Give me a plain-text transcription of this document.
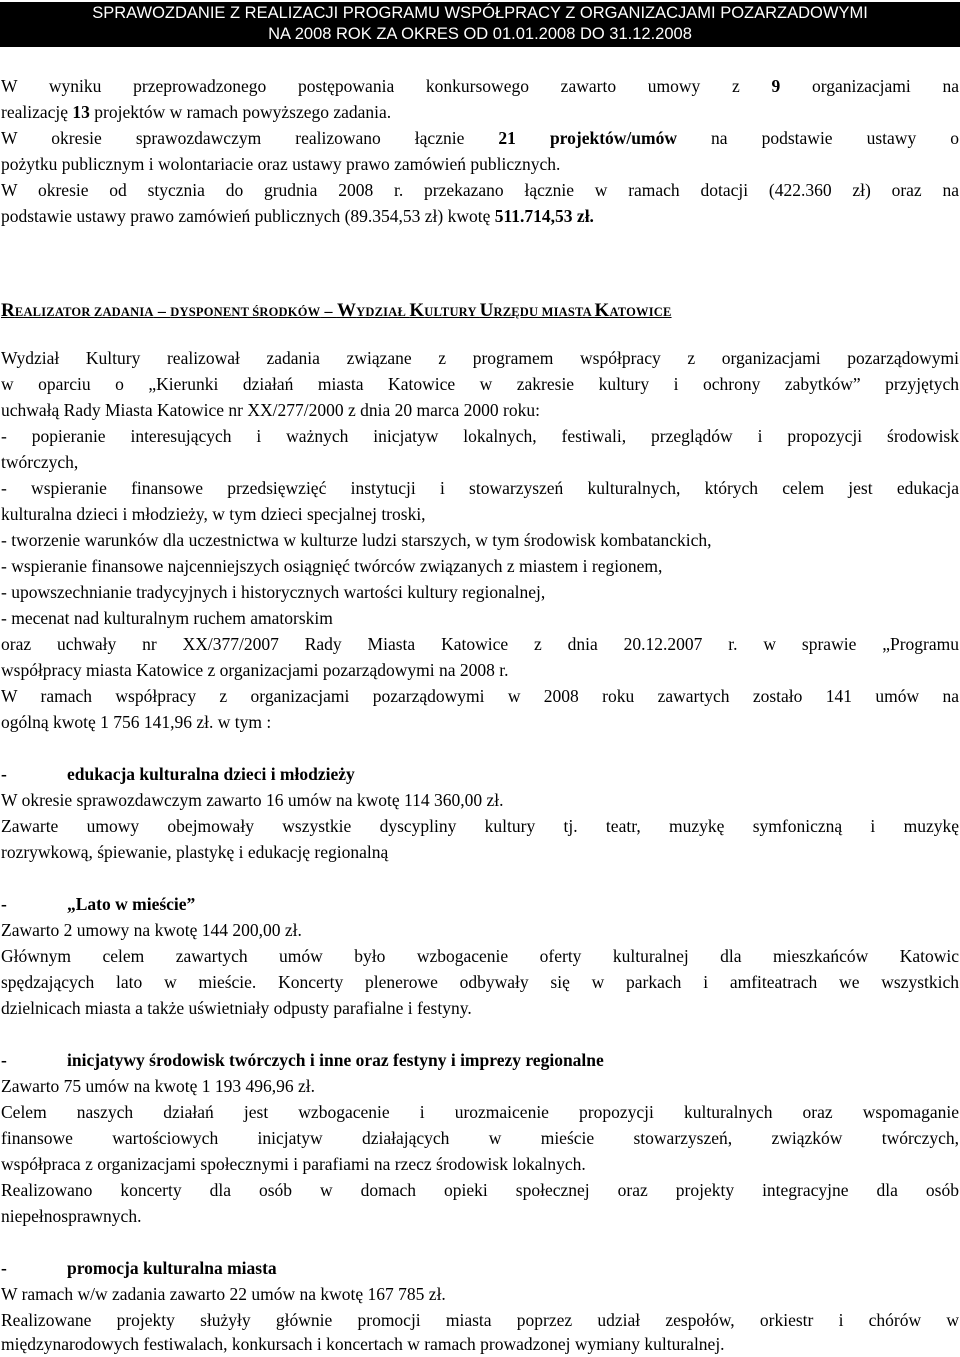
SPRAWOZDANIE Z REALIZACJI PROGRAMU WSPÓŁPRACY Z ORGANIZACJAMI POZARZADOWYMI
NA 2008 ROK ZA OKRES OD 01.01.2008 DO 31.12.2008
W wyniku przeprowadzonego postępowania konkursowego zawarto umowy z 9 organizacjami na
realizację 13 projektów w ramach powyższego zadania.
W okresie sprawozdawczym realizowano łącznie 21 projektów/umów na podstawie ustawy o
pożytku publicznym i wolontariacie oraz ustawy prawo zamówień publicznych.
W okresie od stycznia do grudnia 2008 r. przekazano łącznie w ramach dotacji (422.360 zł) oraz na
podstawie ustawy prawo zamówień publicznych (89.354,53 zł) kwotę 511.714,53 zł.
REALIZATOR ZADANIA – DYSPONENT ŚRODKÓW – WYDZIAŁ KULTURY URZĘDU MIASTA KATOWICE
Wydział Kultury realizował zadania związane z programem współpracy z organizacjami pozarządowymi
w oparciu o „Kierunki działań miasta Katowice w zakresie kultury i ochrony zabytków” przyjętych
uchwałą Rady Miasta Katowice nr XX/277/2000 z dnia 20 marca 2000 roku:
- popieranie interesujących i ważnych inicjatyw lokalnych, festiwali, przeglądów i propozycji środowisk
twórczych,
- wspieranie finansowe przedsięwzięć instytucji i stowarzyszeń kulturalnych, których celem jest edukacja
kulturalna dzieci i młodzieży, w tym dzieci specjalnej troski,
- tworzenie warunków dla uczestnictwa w kulturze ludzi starszych, w tym środowisk kombatanckich,
- wspieranie finansowe najcenniejszych osiągnięć twórców związanych z miastem i regionem,
- upowszechnianie tradycyjnych i historycznych wartości kultury regionalnej,
- mecenat nad kulturalnym ruchem amatorskim
oraz uchwały nr XX/377/2007 Rady Miasta Katowice z dnia 20.12.2007 r. w sprawie „Programu
współpracy miasta Katowice z organizacjami pozarządowymi na 2008 r.
W ramach współpracy z organizacjami pozarządowymi w 2008 roku zawartych zostało 141 umów na
ogólną kwotę 1 756 141,96 zł. w tym :
-	edukacja kulturalna dzieci i młodzieży
W okresie sprawozdawczym zawarto 16 umów na kwotę 114 360,00 zł.
Zawarte umowy obejmowały wszystkie dyscypliny kultury tj. teatr, muzykę symfoniczną i muzykę
rozrywkową, śpiewanie, plastykę i edukację regionalną
-	„Lato w mieście”
Zawarto 2 umowy na kwotę 144 200,00 zł.
Głównym celem zawartych umów było wzbogacenie oferty kulturalnej dla mieszkańców Katowic
spędzających lato w mieście. Koncerty plenerowe odbywały się w parkach i amfiteatrach we wszystkich
dzielnicach miasta a także uświetniały odpusty parafialne i festyny.
-	inicjatywy środowisk twórczych i inne oraz festyny i imprezy regionalne
Zawarto 75 umów na kwotę 1 193 496,96 zł.
Celem naszych działań jest wzbogacenie i urozmaicenie propozycji kulturalnych oraz wspomaganie
finansowe wartościowych inicjatyw działających w mieście stowarzyszeń, związków twórczych,
współpraca z organizacjami społecznymi i parafiami na rzecz środowisk lokalnych.
Realizowano koncerty dla osób w domach opieki społecznej oraz projekty integracyjne dla osób
niepełnosprawnych.
-	promocja kulturalna miasta
W ramach w/w zadania zawarto 22 umów na kwotę 167 785 zł.
Realizowane projekty służyły głównie promocji miasta poprzez udział zespołów, orkiestr i chórów w
międzynarodowych festiwalach, konkursach i koncertach w ramach prowadzonej wymiany kulturalnej.
